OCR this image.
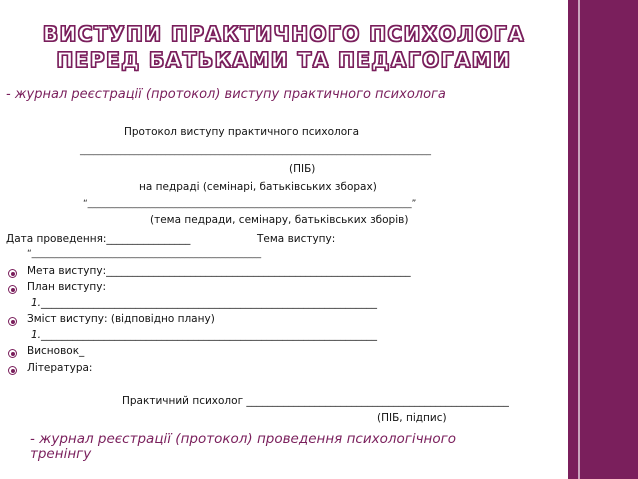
ВИСТУПИ ПРАКТИЧНОГО ПСИХОЛОГА
ПЕРЕД БАТЬКАМИ ТА ПЕДАГОГАМИ
- журнал реєстрації (протокол) виступу практичного психолога
Протокол виступу практичного психолога
______________________________________________________________________________
(ПІБ)
на педраді (семінарі, батьківських зборах)
“________________________________________________________________________”
(тема педради, семінару, батьківських зборів)
Дата проведення:________________	Тема виступу:
“___________________________________________________
Мета виступу:__________________________________________________________
План виступу:
1.________________________________________________________________
Зміст виступу: (відповідно плану)
1.________________________________________________________________
Висновок_
Література:
Практичний психолог __________________________________________________
(ПІБ, підпис)
- журнал реєстрації (протокол) проведення психологічного
тренінгу
